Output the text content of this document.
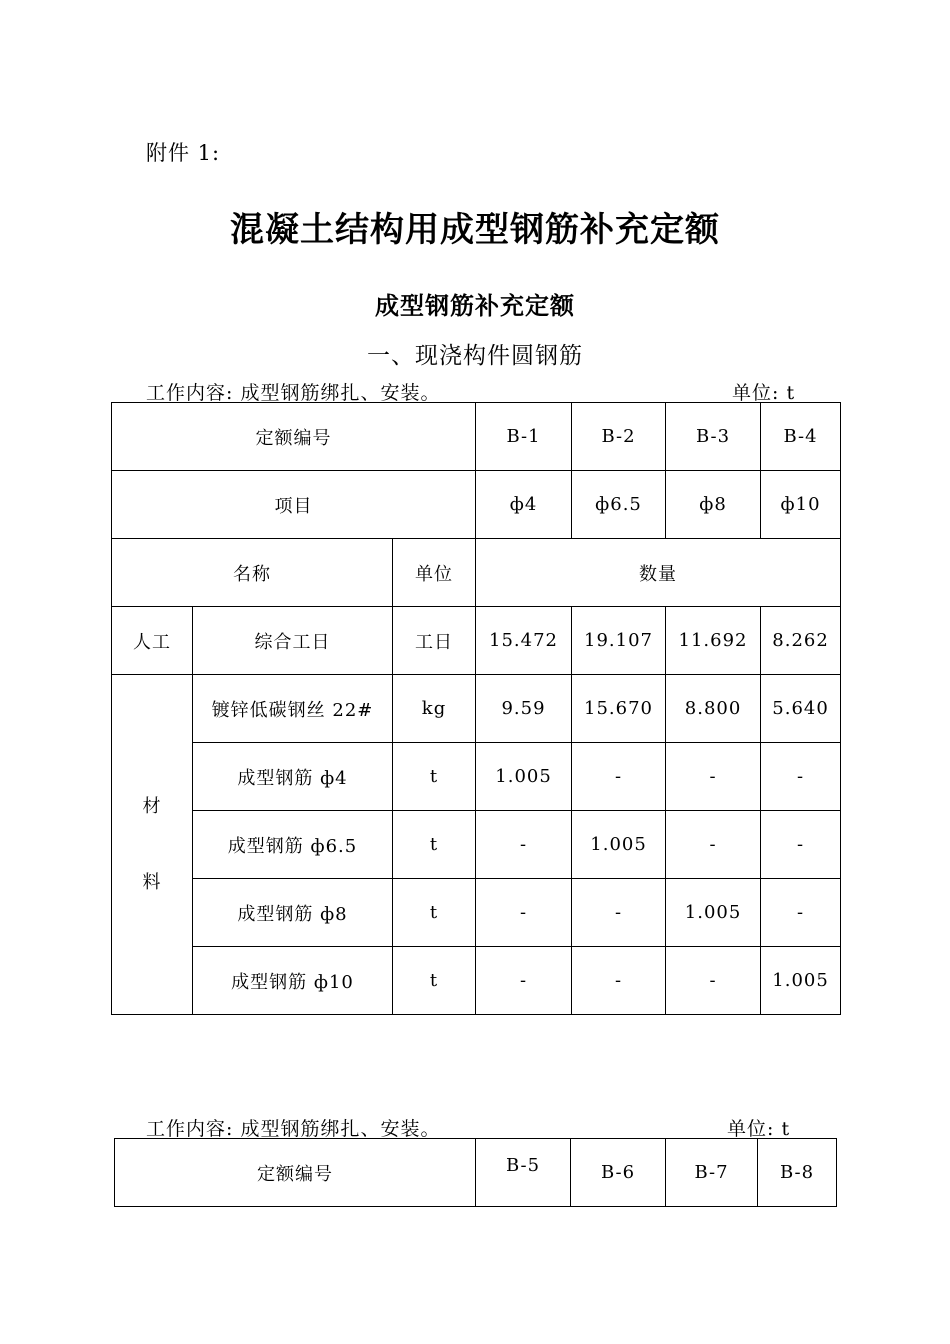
附件 1:
混凝土结构用成型钢筋补充定额
成型钢筋补充定额
一、现浇构件圆钢筋
工作内容: 成型钢筋绑扎、安装。	单位: t
定额编号			B-1	B-2	B-3	B-4
项目			ф4	ф6.5	ф8	ф10
名称		单位	数量			
人工	综合工日	工日	15.472	19.107	11.692	8.262

材
料	镀锌低碳钢丝 22#	kg	9.59	15.670	8.800	5.640
	成型钢筋 ф4	t	1.005	-	-	-
	成型钢筋 ф6.5	t	-	1.005	-	-
	成型钢筋 ф8	t	-	-	1.005	-
	成型钢筋 ф10	t	-	-	-	1.005
工作内容: 成型钢筋绑扎、安装。	单位: t
定额编号	B-5	B-6	B-7	B-8
